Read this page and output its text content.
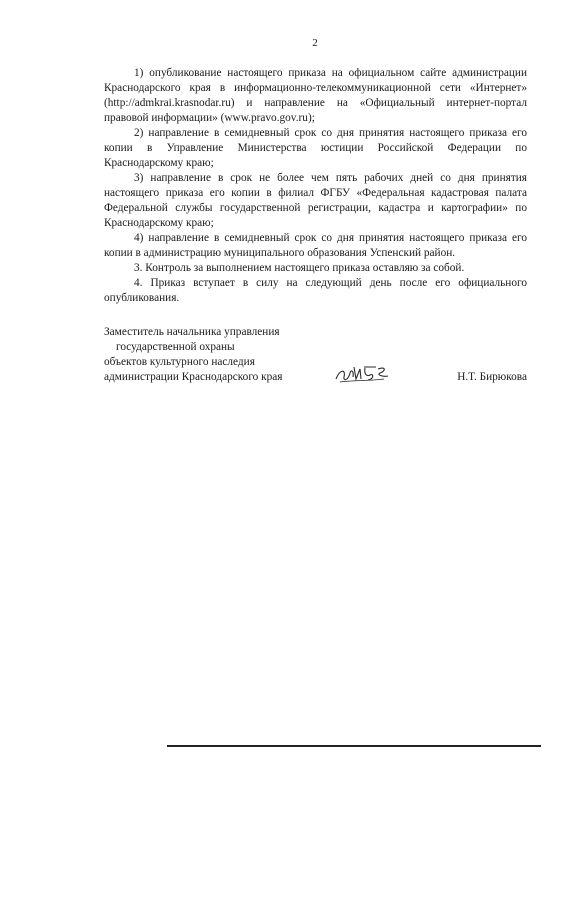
2

1) опубликование настоящего приказа на официальном сайте администрации Краснодарского края в информационно-телекоммуникационной сети «Интернет» (http://admkrai.krasnodar.ru) и направление на «Официальный интернет-портал правовой информации» (www.pravo.gov.ru);

2) направление в семидневный срок со дня принятия настоящего приказа его копии в Управление Министерства юстиции Российской Федерации по Краснодарскому краю;

3) направление в срок не более чем пять рабочих дней со дня принятия настоящего приказа его копии в филиал ФГБУ «Федеральная кадастровая палата Федеральной службы государственной регистрации, кадастра и картографии» по Краснодарскому краю;

4) направление в семидневный срок со дня принятия настоящего приказа его копии в администрацию муниципального образования Успенский район.

3. Контроль за выполнением настоящего приказа оставляю за собой.

4. Приказ вступает в силу на следующий день после его официального опубликования.

Заместитель начальника управления
государственной охраны
объектов культурного наследия
администрации Краснодарского края	Н.Т. Бирюкова
